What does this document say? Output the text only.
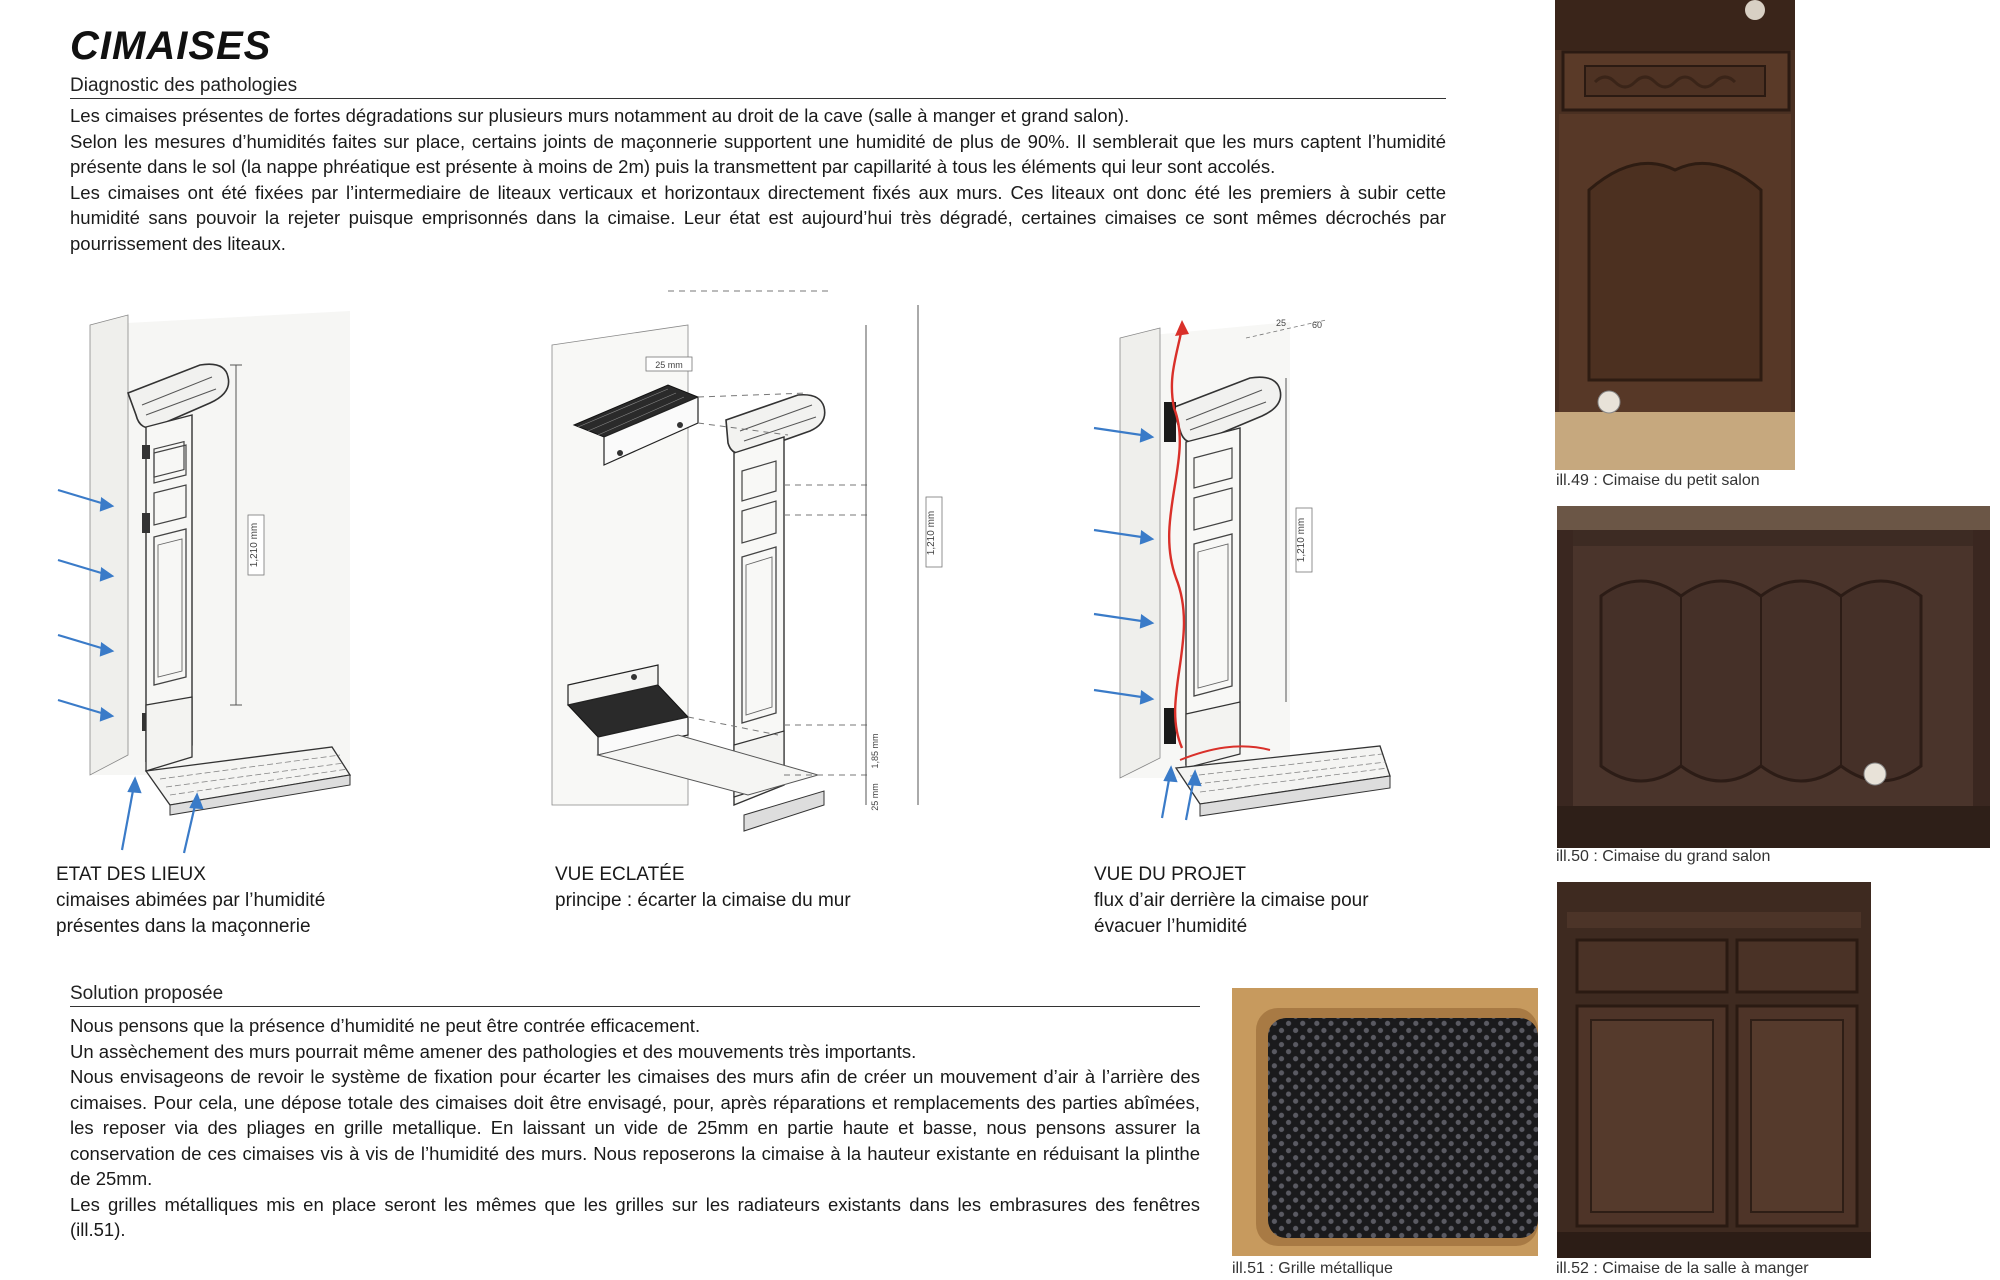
CIMAISES
Diagnostic des pathologies

Les cimaises présentes de fortes dégradations sur plusieurs murs notamment au droit de la cave (salle à manger et grand salon).

Selon les mesures d’humidités faites sur place, certains joints de maçonnerie supportent une humidité de plus de 90%. Il semblerait que les murs captent l’humidité présente dans le sol (la nappe phréatique est présente à moins de 2m) puis la transmettent par capillarité à tous les éléments qui leur sont accolés.

Les cimaises ont été fixées par l’intermediaire de liteaux verticaux et horizontaux directement fixés aux murs. Ces liteaux ont donc été les premiers à subir cette humidité sans pouvoir la rejeter puisque emprisonnés dans la cimaise. Leur état est aujourd’hui très dégradé, certaines cimaises ce sont mêmes décrochés par pourrissement des liteaux.

1,210 mm
ETAT DES LIEUX
cimaises abimées par l’humidité
présentes dans la maçonnerie
1,210 mm
1,85 mm
25 mm
25 mm
VUE ECLATÉE
principe : écarter la cimaise du mur
1,210 mm
25	60
VUE DU PROJET
flux d’air derrière la cimaise pour
évacuer l’humidité
Solution proposée

Nous pensons que la présence d’humidité ne peut être contrée efficacement.

Un assèchement des murs pourrait même amener des pathologies et des mouvements très importants.

Nous envisageons de revoir le système de fixation pour écarter les cimaises des murs afin de créer un mouvement d’air à l’arrière des cimaises. Pour cela, une dépose totale des cimaises doit être envisagé, pour, après réparations et remplacements des parties abîmées, les reposer via des pliages en grille metallique. En laissant un vide de 25mm en partie haute et basse, nous pensons assurer la conservation de ces cimaises vis à vis de l’humidité des murs. Nous reposerons la cimaise à la hauteur existante en réduisant la plinthe de 25mm.

Les grilles métalliques mis en place seront les mêmes que les grilles sur les radiateurs existants dans les embrasures des fenêtres (ill.51).

ill.49 : Cimaise du petit salon
ill.50 : Cimaise du grand salon
ill.51 : Grille métallique	ill.52 : Cimaise de la salle à manger
